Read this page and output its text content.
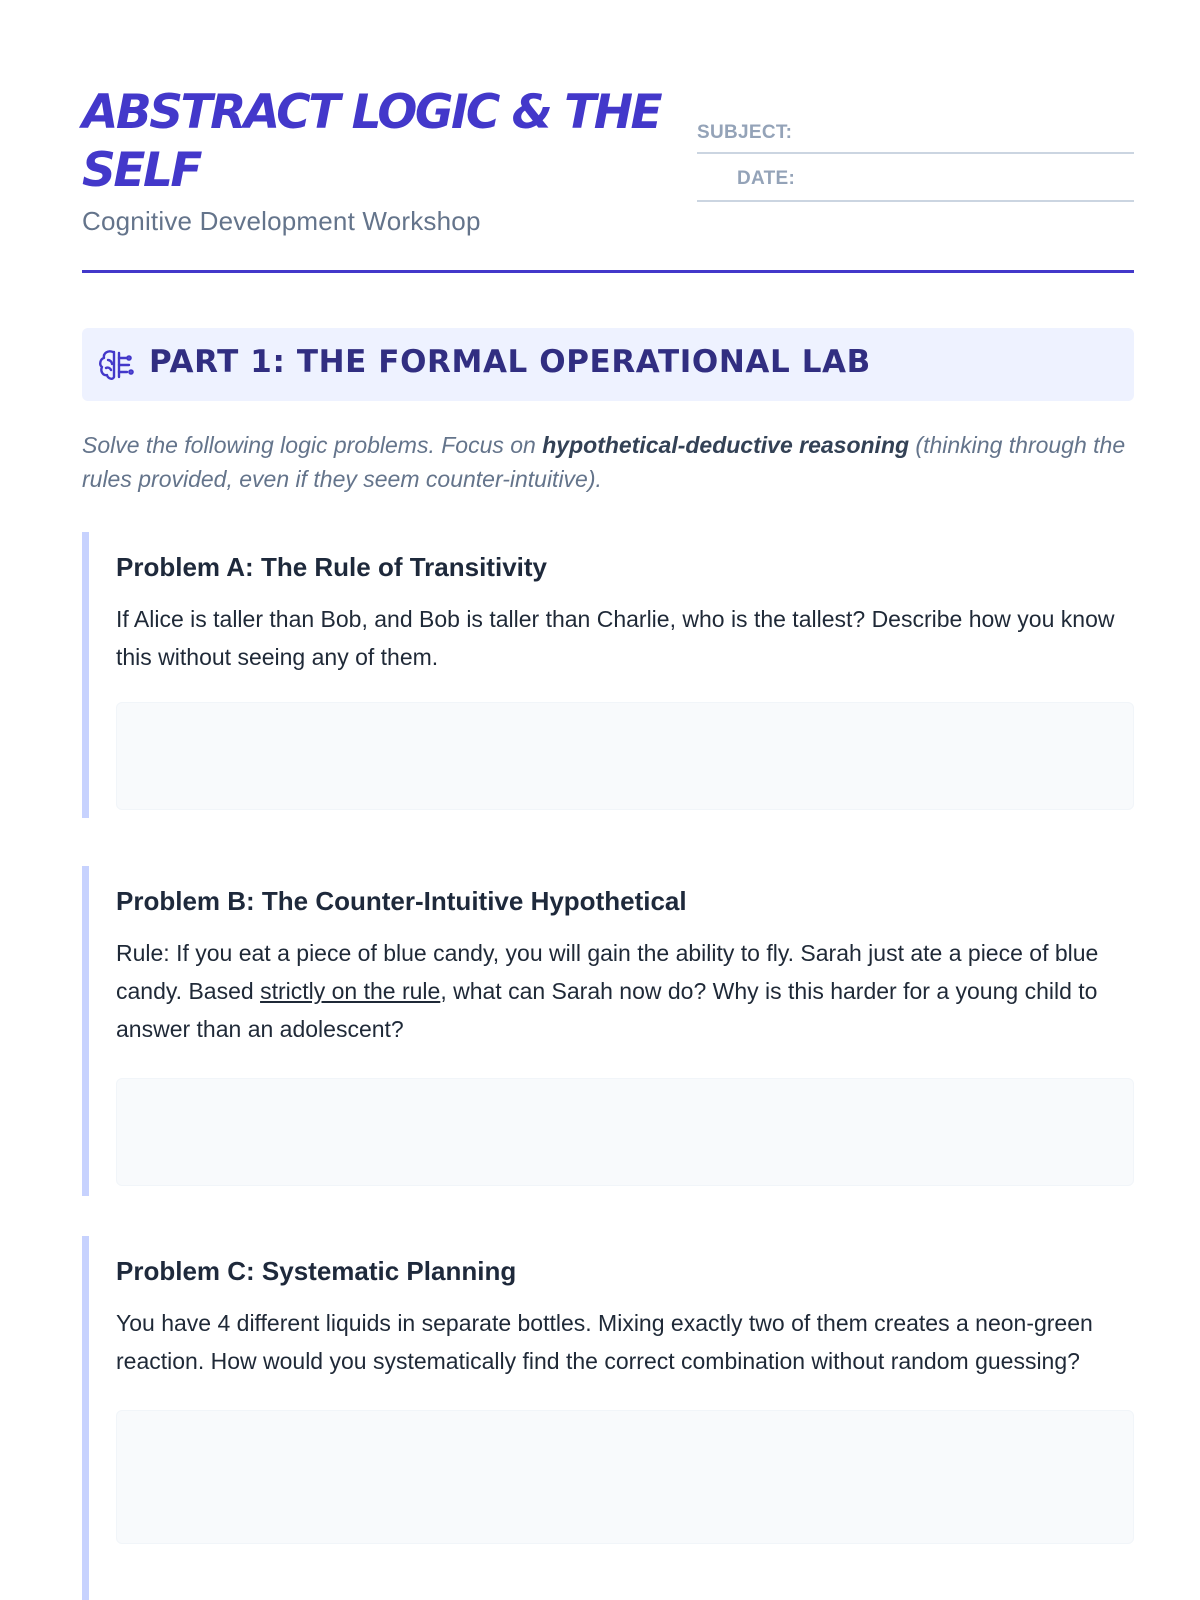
ABSTRACT LOGIC & THE SELF
Cognitive Development Workshop
SUBJECT:
DATE:
PART 1: THE FORMAL OPERATIONAL LAB

Solve the following logic problems. Focus on hypothetical-deductive reasoning (thinking through the rules provided, even if they seem counter-intuitive).

Problem A: The Rule of Transitivity

If Alice is taller than Bob, and Bob is taller than Charlie, who is the tallest? Describe how you know this without seeing any of them.

Problem B: The Counter-Intuitive Hypothetical

Rule: If you eat a piece of blue candy, you will gain the ability to fly. Sarah just ate a piece of blue candy. Based strictly on the rule, what can Sarah now do? Why is this harder for a young child to answer than an adolescent?

Problem C: Systematic Planning

You have 4 different liquids in separate bottles. Mixing exactly two of them creates a neon-green reaction. How would you systematically find the correct combination without random guessing?
